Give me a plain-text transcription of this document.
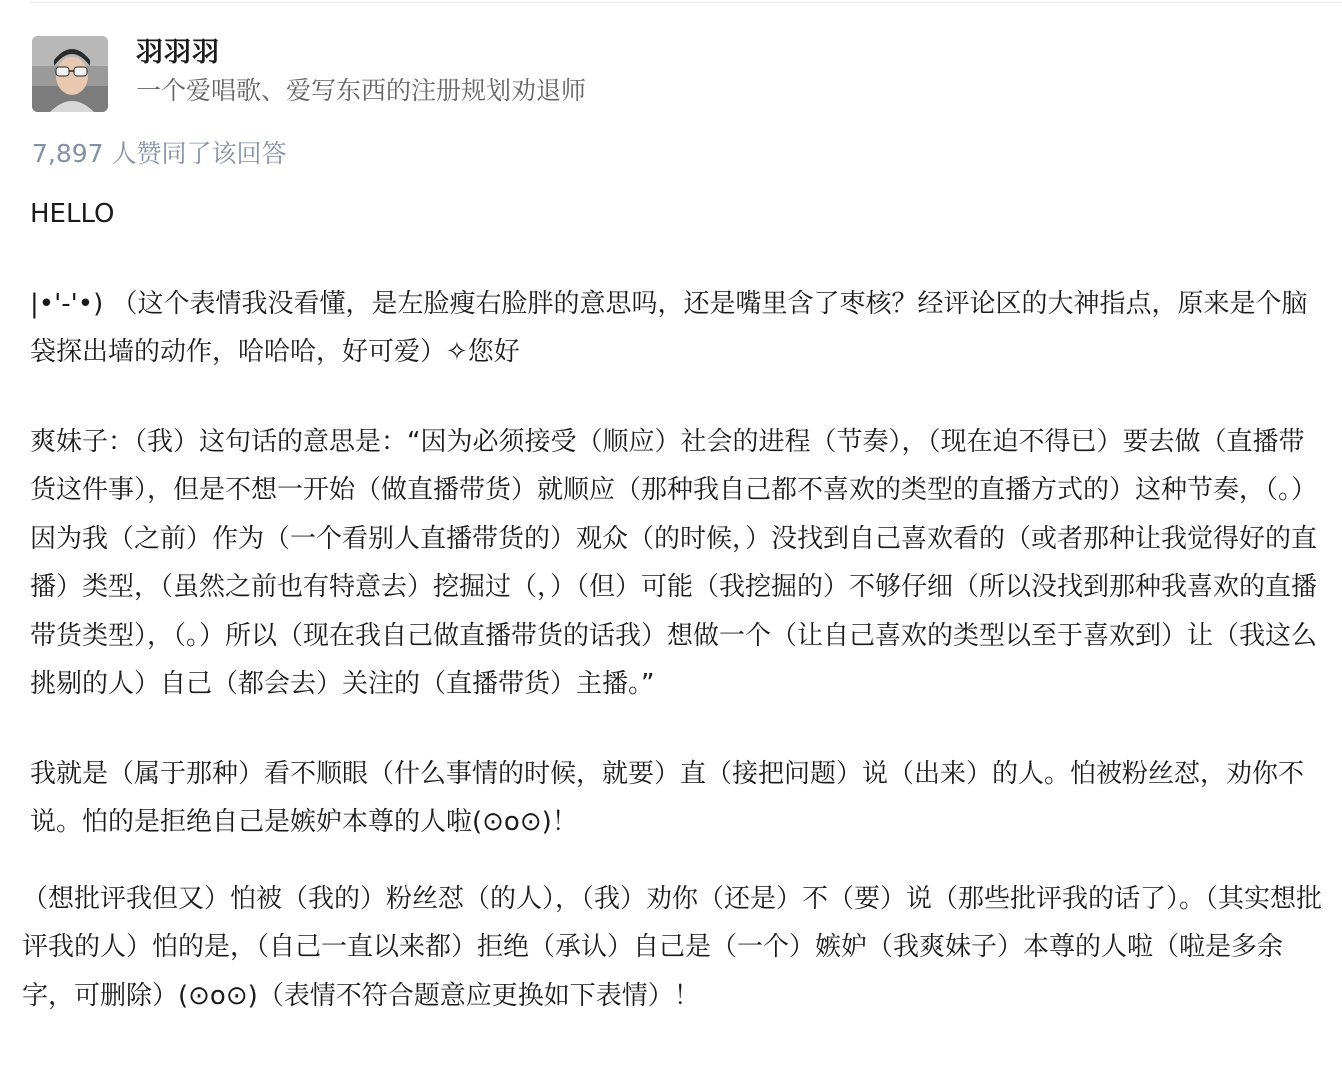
羽羽羽
一个爱唱歌、爱写东西的注册规划劝退师
7,897 人赞同了该回答

HELLO

|•'-'•) （这个表情我没看懂，是左脸瘦右脸胖的意思吗，还是嘴里含了枣核？经评论区的大神指点，原来是个脑袋探出墙的动作，哈哈哈，好可爱）✧您好

爽妹子：（我）这句话的意思是：“因为必须接受（顺应）社会的进程（节奏），（现在迫不得已）要去做（直播带货这件事），但是不想一开始（做直播带货）就顺应（那种我自己都不喜欢的类型的直播方式的）这种节奏，（。）因为我（之前）作为（一个看别人直播带货的）观众（的时候，）没找到自己喜欢看的（或者那种让我觉得好的直播）类型，（虽然之前也有特意去）挖掘过（，）（但）可能（我挖掘的）不够仔细（所以没找到那种我喜欢的直播带货类型），（。）所以（现在我自己做直播带货的话我）想做一个（让自己喜欢的类型以至于喜欢到）让（我这么挑剔的人）自己（都会去）关注的（直播带货）主播。”

我就是（属于那种）看不顺眼（什么事情的时候，就要）直（接把问题）说（出来）的人。怕被粉丝怼，劝你不说。怕的是拒绝自己是嫉妒本尊的人啦(⊙o⊙)！

（想批评我但又）怕被（我的）粉丝怼（的人），（我）劝你（还是）不（要）说（那些批评我的话了）。（其实想批评我的人）怕的是，（自己一直以来都）拒绝（承认）自己是（一个）嫉妒（我爽妹子）本尊的人啦（啦是多余字，可删除）(⊙o⊙)（表情不符合题意应更换如下表情）！
